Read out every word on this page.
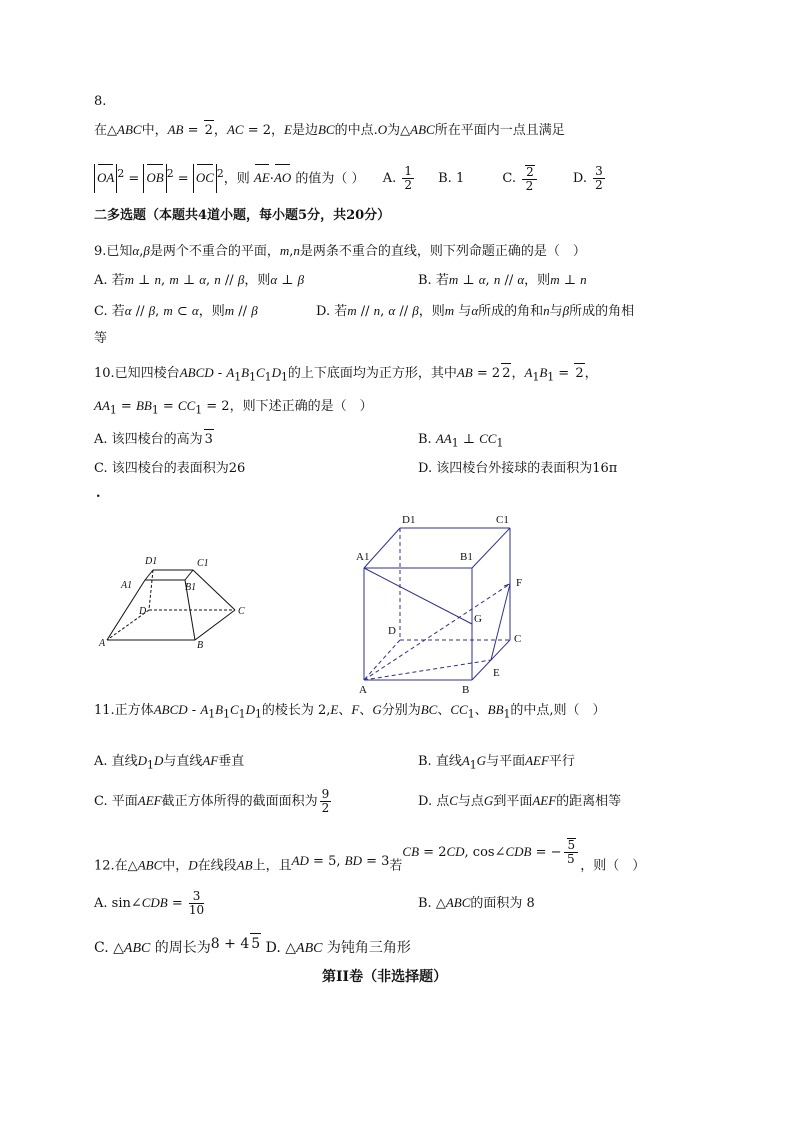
8.
在△ABC中，AB = 2，AC = 2，E是边BC的中点.O为△ABC所在平面内一点且满足
OA $^2$ = OB $^2$ = OC $^2$，则 AE·AO 的值为（ ） A. $\frac{1}{2} B$. 1	C. $\frac{2}{2}$	D. $\frac{3}{2}$
二多选题（本题共4道小题，每小题5分，共20分）
9.已知α,β是两个不重合的平面，m,n是两条不重合的直线，则下列命题正确的是（　）
A. 若m ⊥ n, m ⊥ α, n // β，则α ⊥ β	B. 若m ⊥ α, n // α，则m ⊥ n
C. 若α // β, m ⊂ α，则m // β	D. 若m // n, α // β，则m 与α所成的角和n与β所成的角相
等
10.已知四棱台ABCD - $A_1B_1C_1D_1$的上下底面均为正方形，其中AB = 2 2，$A_1B_1 = 2$，
$AA_1 = BB_1 = CC_1 = 2$，则下述正确的是（　）
A. 该四棱台的高为 3	B. $AA_1$ ⊥ $CC_1$
C. 该四棱台的表面积为26	D. 该四棱台外接球的表面积为16π
.
D1	C1
A1	B1
D	C
A	B
D1	C1
A1	B1
F
G
D
C
E
A	B
11.正方体ABCD - $A_1B_1C_1D_1$的棱长为 2,E、F、G分别为BC、$CC_1$、$BB_1$的中点,则（　）
A. 直线$D_1D$与直线AF垂直	B. 直线$A_1G$与平面AEF平行
C. 平面AEF截正方体所得的截面面积为 $\frac{9}{2}$	D. 点C与点G到平面AEF的距离相等
12.在△ABC中，D在线段AB上，且AD = 5, BD = 3若CB = 2CD, cos∠CDB = − $\frac{5}{5}$ ，则（　）
A. sin∠CDB = $\frac{3}{10}$	B. △ABC的面积为 8
C. △ABC 的周长为8 + 4 5 D. △ABC 为钝角三角形
第II卷（非选择题）
